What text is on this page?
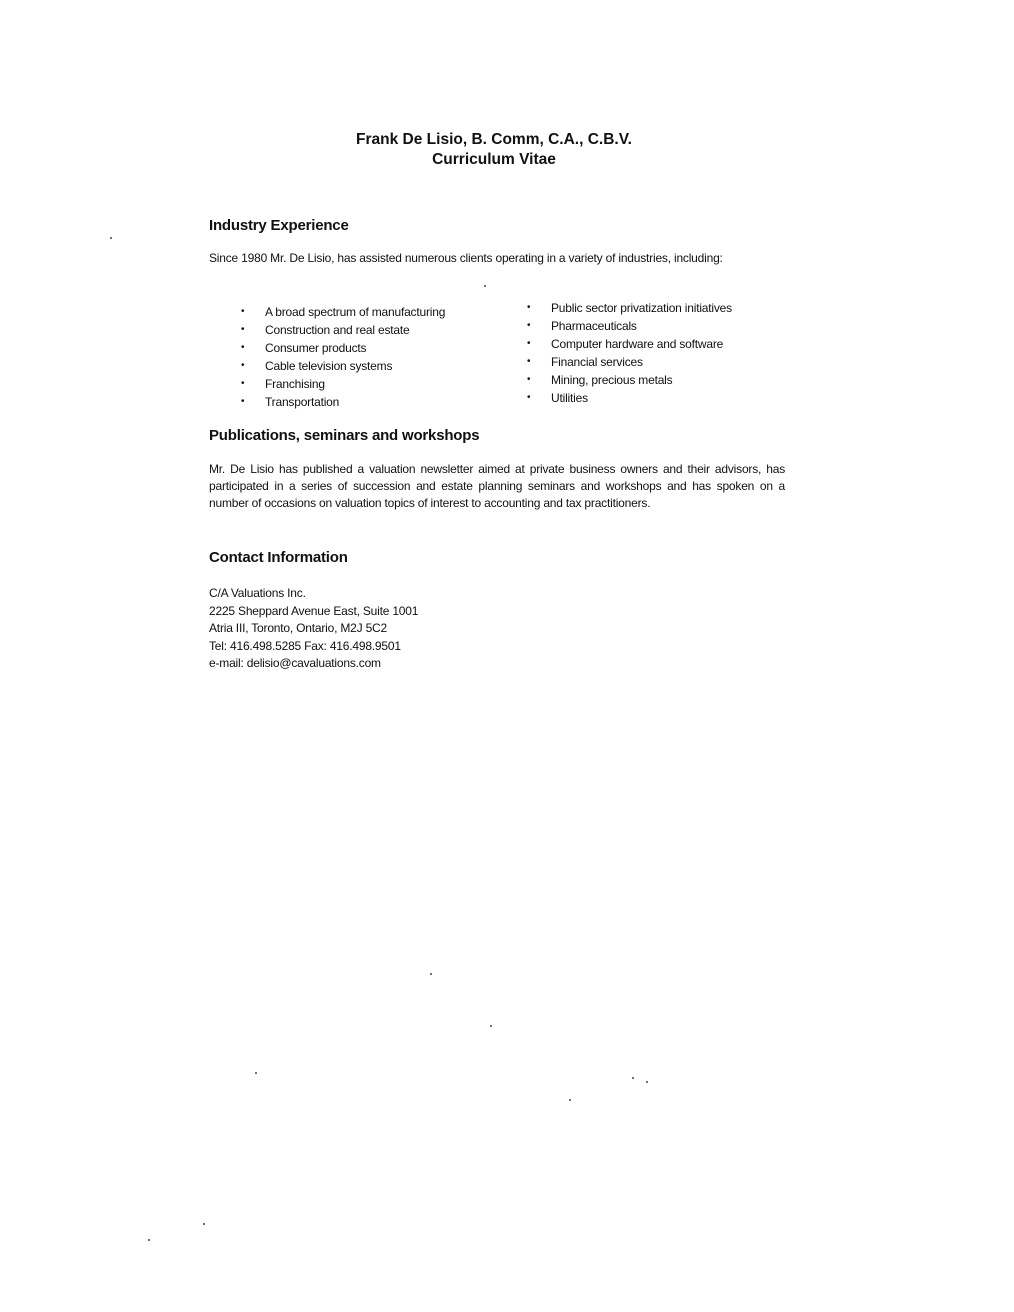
Frank De Lisio, B. Comm, C.A., C.B.V.
Curriculum Vitae
Industry Experience
Since 1980 Mr. De Lisio, has assisted numerous clients operating in a variety of industries, including:
• A broad spectrum of manufacturing
• Construction and real estate
• Consumer products
• Cable television systems
• Franchising
• Transportation
• Public sector privatization initiatives
• Pharmaceuticals
• Computer hardware and software
• Financial services
• Mining, precious metals
• Utilities
Publications, seminars and workshops
Mr. De Lisio has published a valuation newsletter aimed at private business owners and their advisors, has participated in a series of succession and estate planning seminars and workshops and has spoken on a number of occasions on valuation topics of interest to accounting and tax practitioners.
Contact Information
C/A Valuations Inc.
2225 Sheppard Avenue East, Suite 1001
Atria III, Toronto, Ontario, M2J 5C2
Tel: 416.498.5285 Fax: 416.498.9501
e-mail: delisio@cavaluations.com
